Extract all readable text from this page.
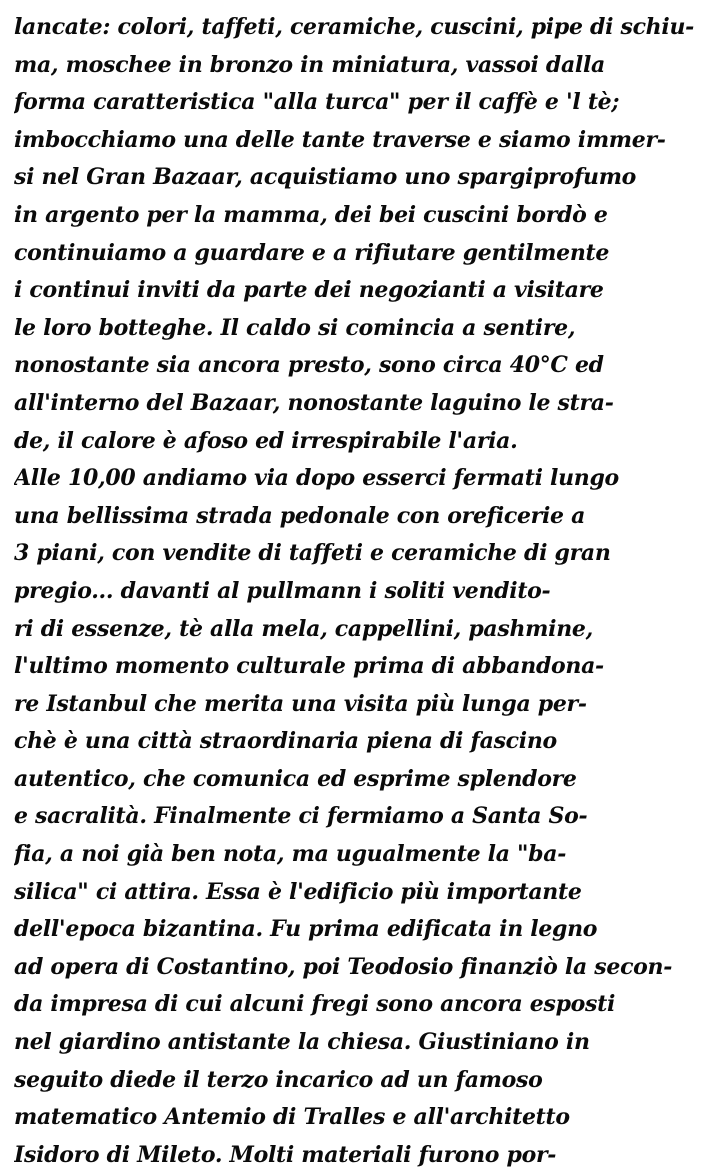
lancate: colori, taffeti, ceramiche, cuscini, pipe di schiu-
ma, moschee in bronzo in miniatura, vassoi dalla
forma caratteristica "alla turca" per il caffè e 'l tè;
imbocchiamo una delle tante traverse e siamo immer-
si nel Gran Bazaar, acquistiamo uno spargiprofumo
in argento per la mamma, dei bei cuscini bordò e
continuiamo a guardare e a rifiutare gentilmente
i continui inviti da parte dei negozianti a visitare
le loro botteghe. Il caldo si comincia a sentire,
nonostante sia ancora presto, sono circa 40°C ed
all'interno del Bazaar, nonostante laguino le stra-
de, il calore è afoso ed irrespirabile l'aria.
Alle 10,00 andiamo via dopo esserci fermati lungo
una bellissima strada pedonale con oreficerie a
3 piani, con vendite di taffeti e ceramiche di gran
pregio... davanti al pullmann i soliti vendito-
ri di essenze, tè alla mela, cappellini, pashmine,
l'ultimo momento culturale prima di abbandona-
re Istanbul che merita una visita più lunga per-
chè è una città straordinaria piena di fascino
autentico, che comunica ed esprime splendore
e sacralità. Finalmente ci fermiamo a Santa So-
fia, a noi già ben nota, ma ugualmente la "ba-
silica" ci attira. Essa è l'edificio più importante
dell'epoca bizantina. Fu prima edificata in legno
ad opera di Costantino, poi Teodosio finanziò la secon-
da impresa di cui alcuni fregi sono ancora esposti
nel giardino antistante la chiesa. Giustiniano in
seguito diede il terzo incarico ad un famoso
matematico Antemio di Tralles e all'architetto
Isidoro di Mileto. Molti materiali furono por-
